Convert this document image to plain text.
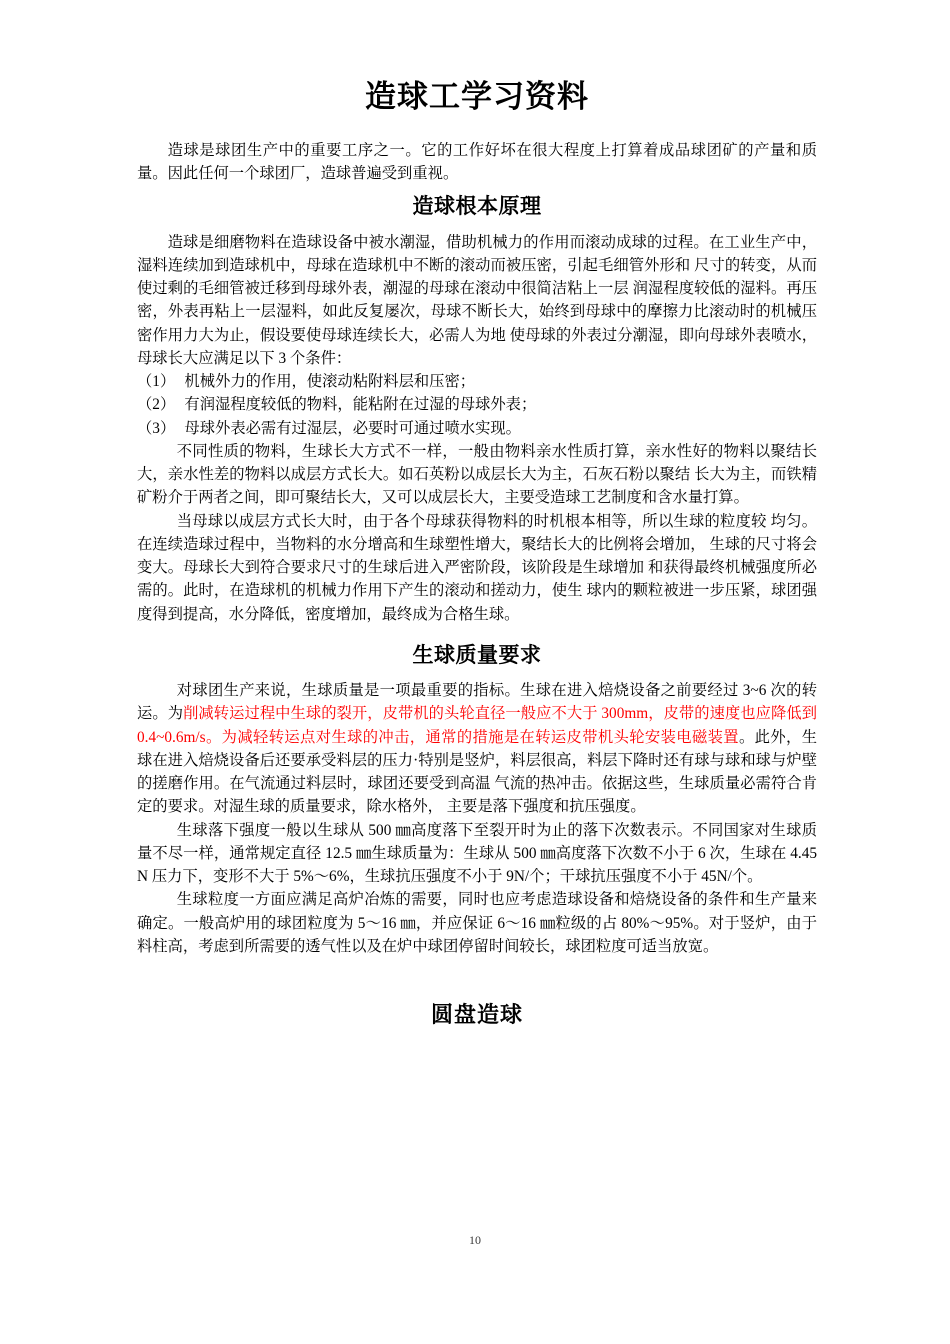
造球工学习资料

造球是球团生产中的重要工序之一。它的工作好坏在很大程度上打算着成品球团矿的产量和质量。因此任何一个球团厂，造球普遍受到重视。

造球根本原理

造球是细磨物料在造球设备中被水潮湿，借助机械力的作用而滚动成球的过程。在工业生产中，湿料连续加到造球机中，母球在造球机中不断的滚动而被压密，引起毛细管外形和 尺寸的转变，从而使过剩的毛细管被迁移到母球外表，潮湿的母球在滚动中很简洁粘上一层 润湿程度较低的湿料。再压密，外表再粘上一层湿料，如此反复屡次，母球不断长大，始终到母球中的摩擦力比滚动时的机械压密作用力大为止，假设要使母球连续长大，必需人为地 使母球的外表过分潮湿，即向母球外表喷水，母球长大应满足以下 3 个条件：

（1） 机械外力的作用，使滚动粘附料层和压密；
（2） 有润湿程度较低的物料，能粘附在过湿的母球外表；
（3） 母球外表必需有过湿层，必要时可通过喷水实现。

不同性质的物料，生球长大方式不一样，一般由物料亲水性质打算，亲水性好的物料以聚结长大，亲水性差的物料以成层方式长大。如石英粉以成层长大为主，石灰石粉以聚结 长大为主，而铁精矿粉介于两者之间，即可聚结长大，又可以成层长大，主要受造球工艺制度和含水量打算。

当母球以成层方式长大时，由于各个母球获得物料的时机根本相等，所以生球的粒度较 均匀。在连续造球过程中，当物料的水分增高和生球塑性增大，聚结长大的比例将会增加， 生球的尺寸将会变大。母球长大到符合要求尺寸的生球后进入严密阶段，该阶段是生球增加 和获得最终机械强度所必需的。此时，在造球机的机械力作用下产生的滚动和搓动力，使生 球内的颗粒被进一步压紧，球团强度得到提高，水分降低，密度增加，最终成为合格生球。

生球质量要求

对球团生产来说，生球质量是一项最重要的指标。生球在进入焙烧设备之前要经过 3~6 次的转运。为削减转运过程中生球的裂开，皮带机的头轮直径一般应不大于 300mm，皮带的速度也应降低到 0.4~0.6m/s。为减轻转运点对生球的冲击，通常的措施是在转运皮带机头轮安装电磁装置。此外，生球在进入焙烧设备后还要承受料层的压力·特别是竖炉，料层很高，料层下降时还有球与球和球与炉壁的搓磨作用。在气流通过料层时，球团还要受到高温 气流的热冲击。依据这些，生球质量必需符合肯定的要求。对湿生球的质量要求，除水格外， 主要是落下强度和抗压强度。

生球落下强度一般以生球从 500 ㎜高度落下至裂开时为止的落下次数表示。不同国家对生球质量不尽一样，通常规定直径 12.5 ㎜生球质量为：生球从 500 ㎜高度落下次数不小于 6 次，生球在 4.45N 压力下，变形不大于 5%～6%，生球抗压强度不小于 9N/个；干球抗压强度不小于 45N/个。

生球粒度一方面应满足高炉冶炼的需要，同时也应考虑造球设备和焙烧设备的条件和生产量来确定。一般高炉用的球团粒度为 5～16 ㎜，并应保证 6～16 ㎜粒级的占 80%～95%。对于竖炉，由于料柱高，考虑到所需要的透气性以及在炉中球团停留时间较长，球团粒度可适当放宽。

圆盘造球
10
